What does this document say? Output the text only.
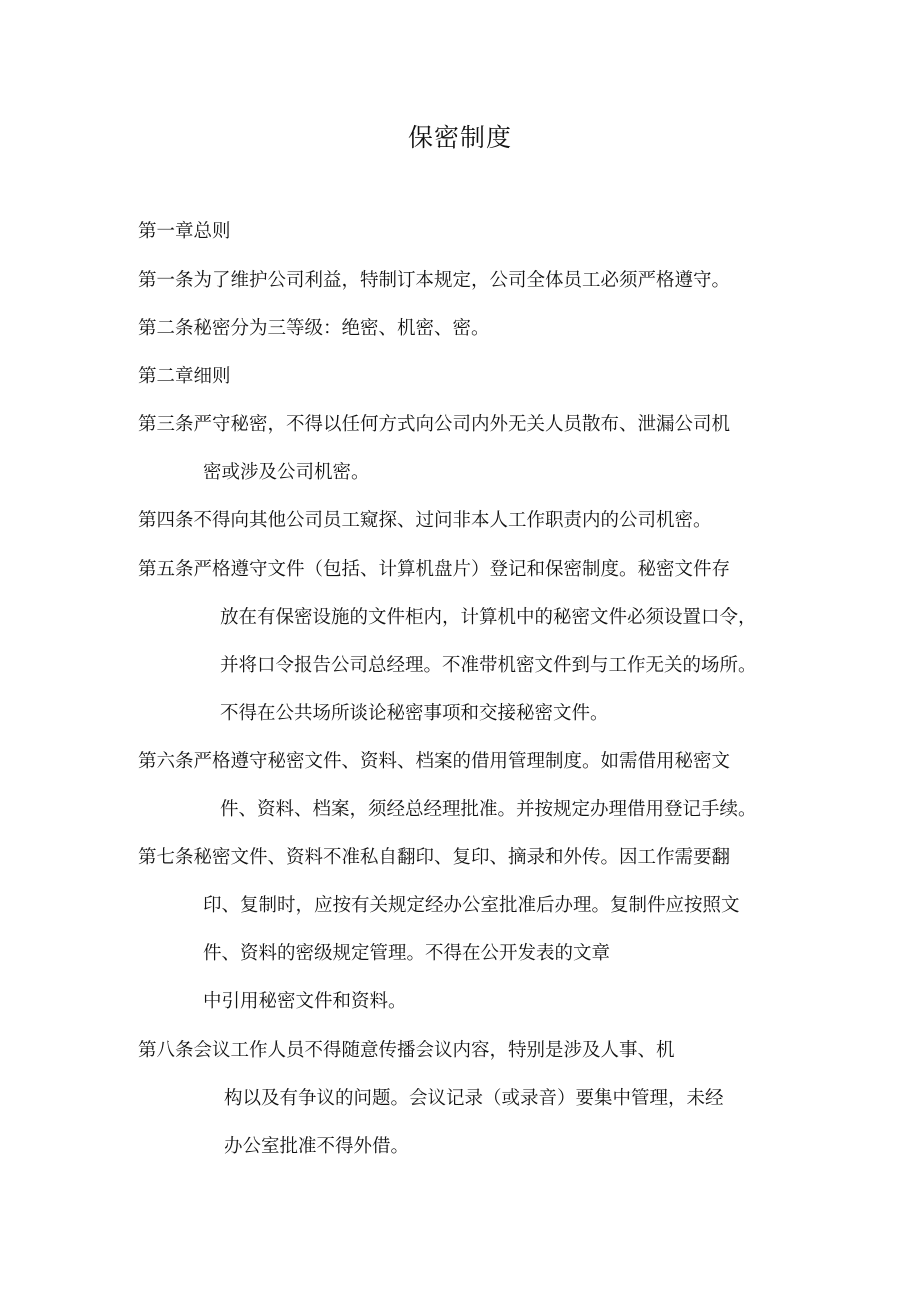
保密制度
第一章总则
第一条为了维护公司利益，特制订本规定，公司全体员工必须严格遵守。
第二条秘密分为三等级：绝密、机密、密。
第二章细则
第三条严守秘密，不得以任何方式向公司内外无关人员散布、泄漏公司机
密或涉及公司机密。
第四条不得向其他公司员工窥探、过问非本人工作职责内的公司机密。
第五条严格遵守文件（包括、计算机盘片）登记和保密制度。秘密文件存
放在有保密设施的文件柜内，计算机中的秘密文件必须设置口令，
并将口令报告公司总经理。不准带机密文件到与工作无关的场所。
不得在公共场所谈论秘密事项和交接秘密文件。
第六条严格遵守秘密文件、资料、档案的借用管理制度。如需借用秘密文
件、资料、档案，须经总经理批准。并按规定办理借用登记手续。
第七条秘密文件、资料不准私自翻印、复印、摘录和外传。因工作需要翻
印、复制时，应按有关规定经办公室批准后办理。复制件应按照文
件、资料的密级规定管理。不得在公开发表的文章
中引用秘密文件和资料。
第八条会议工作人员不得随意传播会议内容，特别是涉及人事、机
构以及有争议的问题。会议记录（或录音）要集中管理，未经
办公室批准不得外借。
